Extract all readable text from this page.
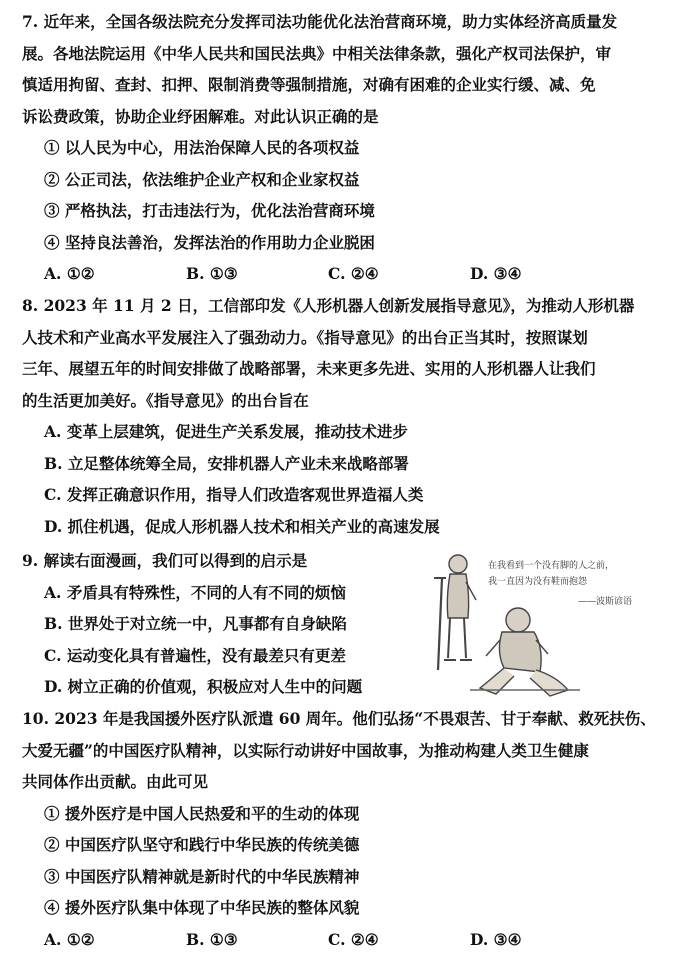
7. 近年来，全国各级法院充分发挥司法功能优化法治营商环境，助力实体经济高质量发
展。各地法院运用《中华人民共和国民法典》中相关法律条款，强化产权司法保护，审
慎适用拘留、查封、扣押、限制消费等强制措施，对确有困难的企业实行缓、减、免
诉讼费政策，协助企业纾困解难。对此认识正确的是
① 以人民为中心，用法治保障人民的各项权益
② 公正司法，依法维护企业产权和企业家权益
③ 严格执法，打击违法行为，优化法治营商环境
④ 坚持良法善治，发挥法治的作用助力企业脱困
A. ①②	B. ①③	C. ②④	D. ③④
8. 2023 年 11 月 2 日，工信部印发《人形机器人创新发展指导意见》，为推动人形机器
人技术和产业高水平发展注入了强劲动力。《指导意见》的出台正当其时，按照谋划
三年、展望五年的时间安排做了战略部署，未来更多先进、实用的人形机器人让我们
的生活更加美好。《指导意见》的出台旨在
A. 变革上层建筑，促进生产关系发展，推动技术进步
B. 立足整体统筹全局，安排机器人产业未来战略部署
C. 发挥正确意识作用，指导人们改造客观世界造福人类
D. 抓住机遇，促成人形机器人技术和相关产业的高速发展
9. 解读右面漫画，我们可以得到的启示是
A. 矛盾具有特殊性，不同的人有不同的烦恼
B. 世界处于对立统一中，凡事都有自身缺陷
C. 运动变化具有普遍性，没有最差只有更差
D. 树立正确的价值观，积极应对人生中的问题
在我看到一个没有脚的人之前，
我一直因为没有鞋而抱怨
——波斯谚语
10. 2023 年是我国援外医疗队派遣 60 周年。他们弘扬“不畏艰苦、甘于奉献、救死扶伤、
大爱无疆”的中国医疗队精神，以实际行动讲好中国故事，为推动构建人类卫生健康
共同体作出贡献。由此可见
① 援外医疗是中国人民热爱和平的生动的体现
② 中国医疗队坚守和践行中华民族的传统美德
③ 中国医疗队精神就是新时代的中华民族精神
④ 援外医疗队集中体现了中华民族的整体风貌
A. ①②	B. ①③	C. ②④	D. ③④
